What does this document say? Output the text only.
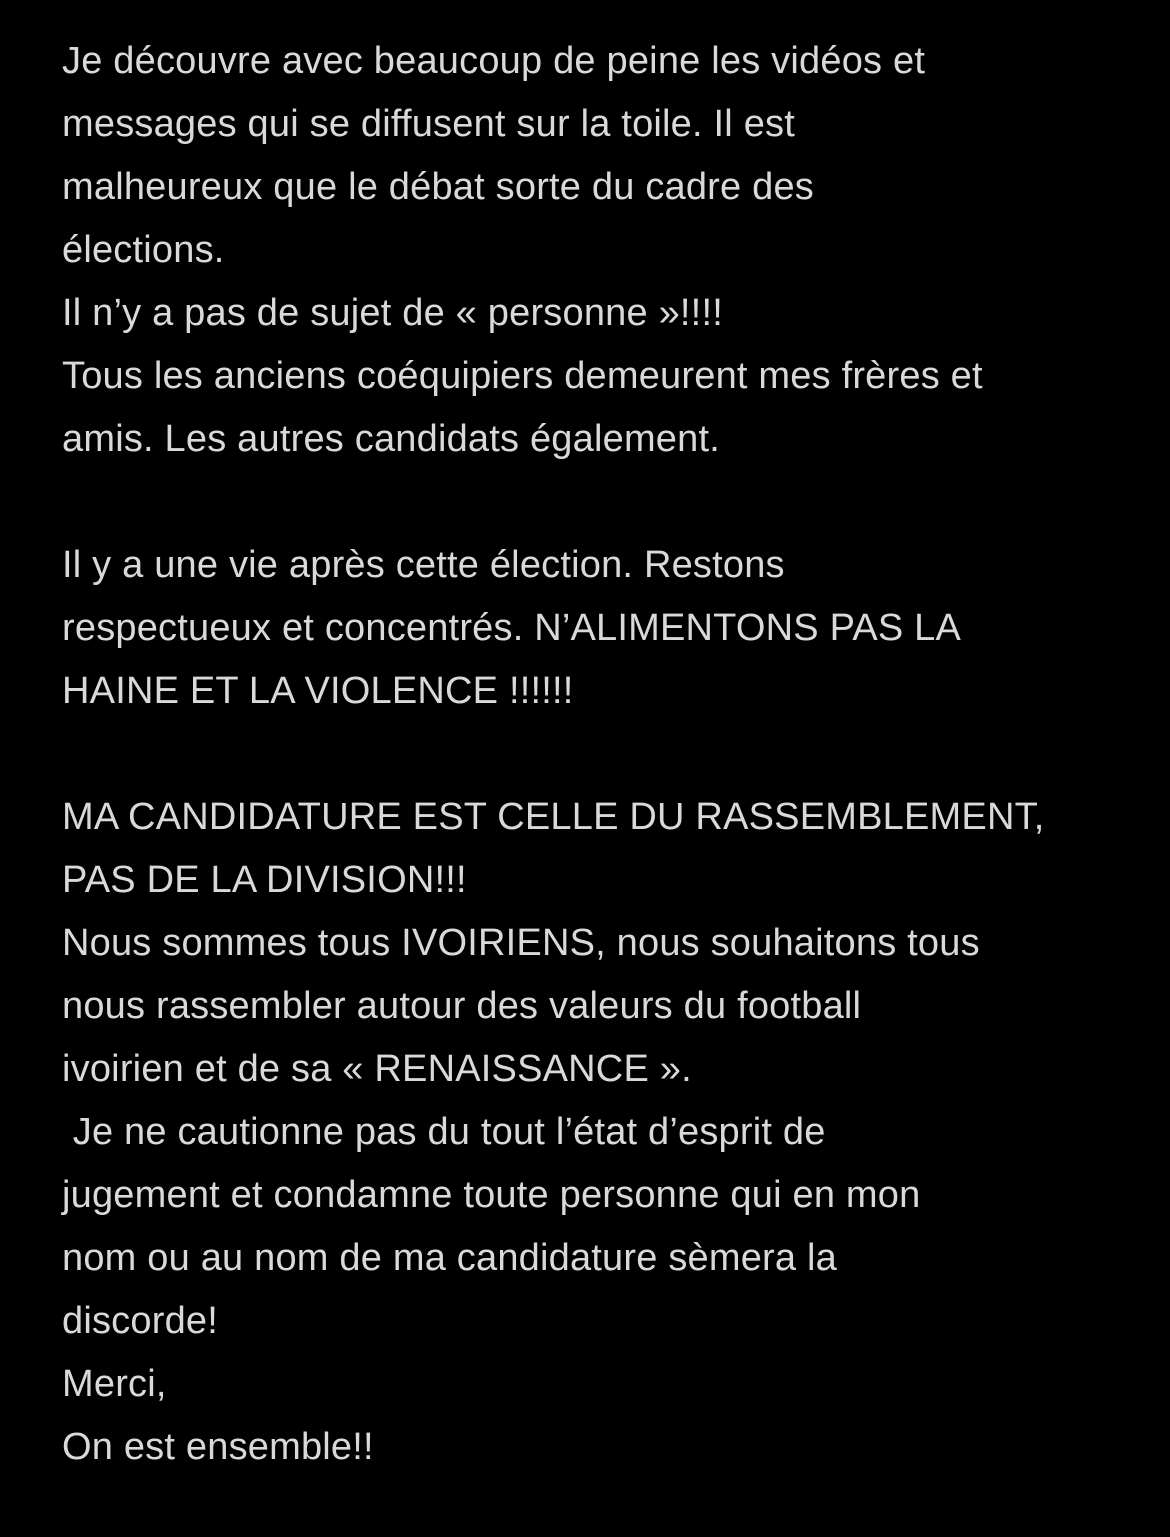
Je découvre avec beaucoup de peine les vidéos et
messages qui se diffusent sur la toile. Il est
malheureux que le débat sorte du cadre des
élections.
Il n’y a pas de sujet de « personne »!!!!
Tous les anciens coéquipiers demeurent mes frères et
amis. Les autres candidats également.
Il y a une vie après cette élection. Restons
respectueux et concentrés. N’ALIMENTONS PAS LA
HAINE ET LA VIOLENCE !!!!!!
MA CANDIDATURE EST CELLE DU RASSEMBLEMENT,
PAS DE LA DIVISION!!!
Nous sommes tous IVOIRIENS, nous souhaitons tous
nous rassembler autour des valeurs du football
ivoirien et de sa « RENAISSANCE ».
Je ne cautionne pas du tout l’état d’esprit de
jugement et condamne toute personne qui en mon
nom ou au nom de ma candidature sèmera la
discorde!
Merci,
On est ensemble!!
